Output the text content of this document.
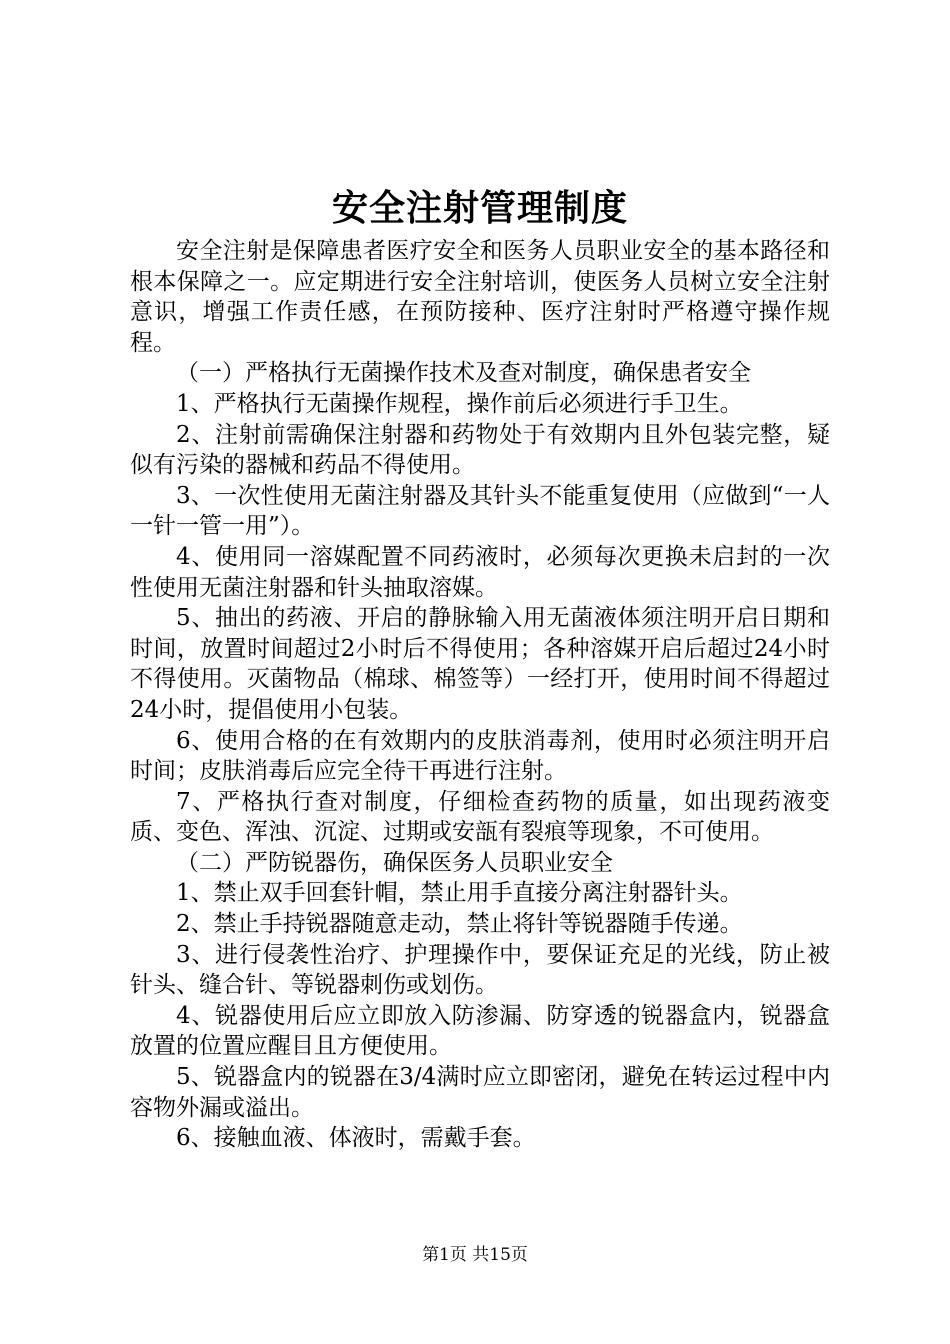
安全注射管理制度

安全注射是保障患者医疗安全和医务人员职业安全的基本路径和根本保障之一。应定期进行安全注射培训，使医务人员树立安全注射意识，增强工作责任感，在预防接种、医疗注射时严格遵守操作规程。

（一）严格执行无菌操作技术及查对制度，确保患者安全

1、严格执行无菌操作规程，操作前后必须进行手卫生。

2、注射前需确保注射器和药物处于有效期内且外包装完整，疑似有污染的器械和药品不得使用。

3、一次性使用无菌注射器及其针头不能重复使用（应做到“一人一针一管一用”）。

4、使用同一溶媒配置不同药液时，必须每次更换未启封的一次性使用无菌注射器和针头抽取溶媒。

5、抽出的药液、开启的静脉输入用无菌液体须注明开启日期和时间，放置时间超过2小时后不得使用；各种溶媒开启后超过24小时不得使用。灭菌物品（棉球、棉签等）一经打开，使用时间不得超过24小时，提倡使用小包装。

6、使用合格的在有效期内的皮肤消毒剂，使用时必须注明开启时间；皮肤消毒后应完全待干再进行注射。

7、严格执行查对制度，仔细检查药物的质量，如出现药液变质、变色、浑浊、沉淀、过期或安瓿有裂痕等现象，不可使用。

（二）严防锐器伤，确保医务人员职业安全

1、禁止双手回套针帽，禁止用手直接分离注射器针头。

2、禁止手持锐器随意走动，禁止将针等锐器随手传递。

3、进行侵袭性治疗、护理操作中，要保证充足的光线，防止被针头、缝合针、等锐器刺伤或划伤。

4、锐器使用后应立即放入防渗漏、防穿透的锐器盒内，锐器盒放置的位置应醒目且方便使用。

5、锐器盒内的锐器在3/4满时应立即密闭，避免在转运过程中内容物外漏或溢出。

6、接触血液、体液时，需戴手套。

第1页 共15页
